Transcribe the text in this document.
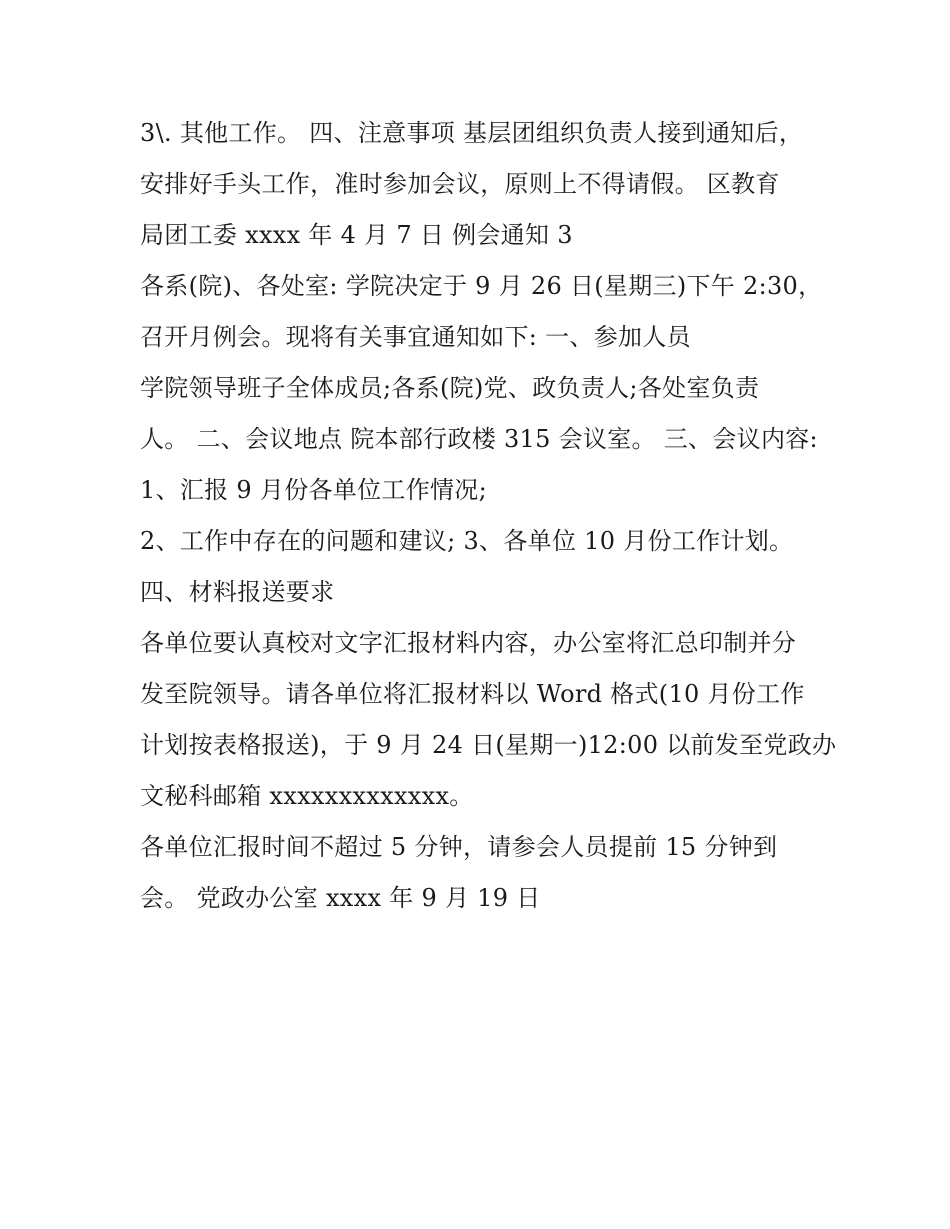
3\. 其他工作。 四、注意事项 基层团组织负责人接到通知后，
安排好手头工作，准时参加会议，原则上不得请假。 区教育
局团工委 xxxx 年 4 月 7 日 例会通知 3
各系(院)、各处室: 学院决定于 9 月 26 日(星期三)下午 2:30，
召开月例会。现将有关事宜通知如下: 一、参加人员
学院领导班子全体成员;各系(院)党、政负责人;各处室负责
人。 二、会议地点 院本部行政楼 315 会议室。 三、会议内容:
1、汇报 9 月份各单位工作情况;
2、工作中存在的问题和建议; 3、各单位 10 月份工作计划。
四、材料报送要求
各单位要认真校对文字汇报材料内容，办公室将汇总印制并分
发至院领导。请各单位将汇报材料以 Word 格式(10 月份工作
计划按表格报送)，于 9 月 24 日(星期一)12:00 以前发至党政办
文秘科邮箱 xxxxxxxxxxxxx。
各单位汇报时间不超过 5 分钟，请参会人员提前 15 分钟到
会。 党政办公室 xxxx 年 9 月 19 日
